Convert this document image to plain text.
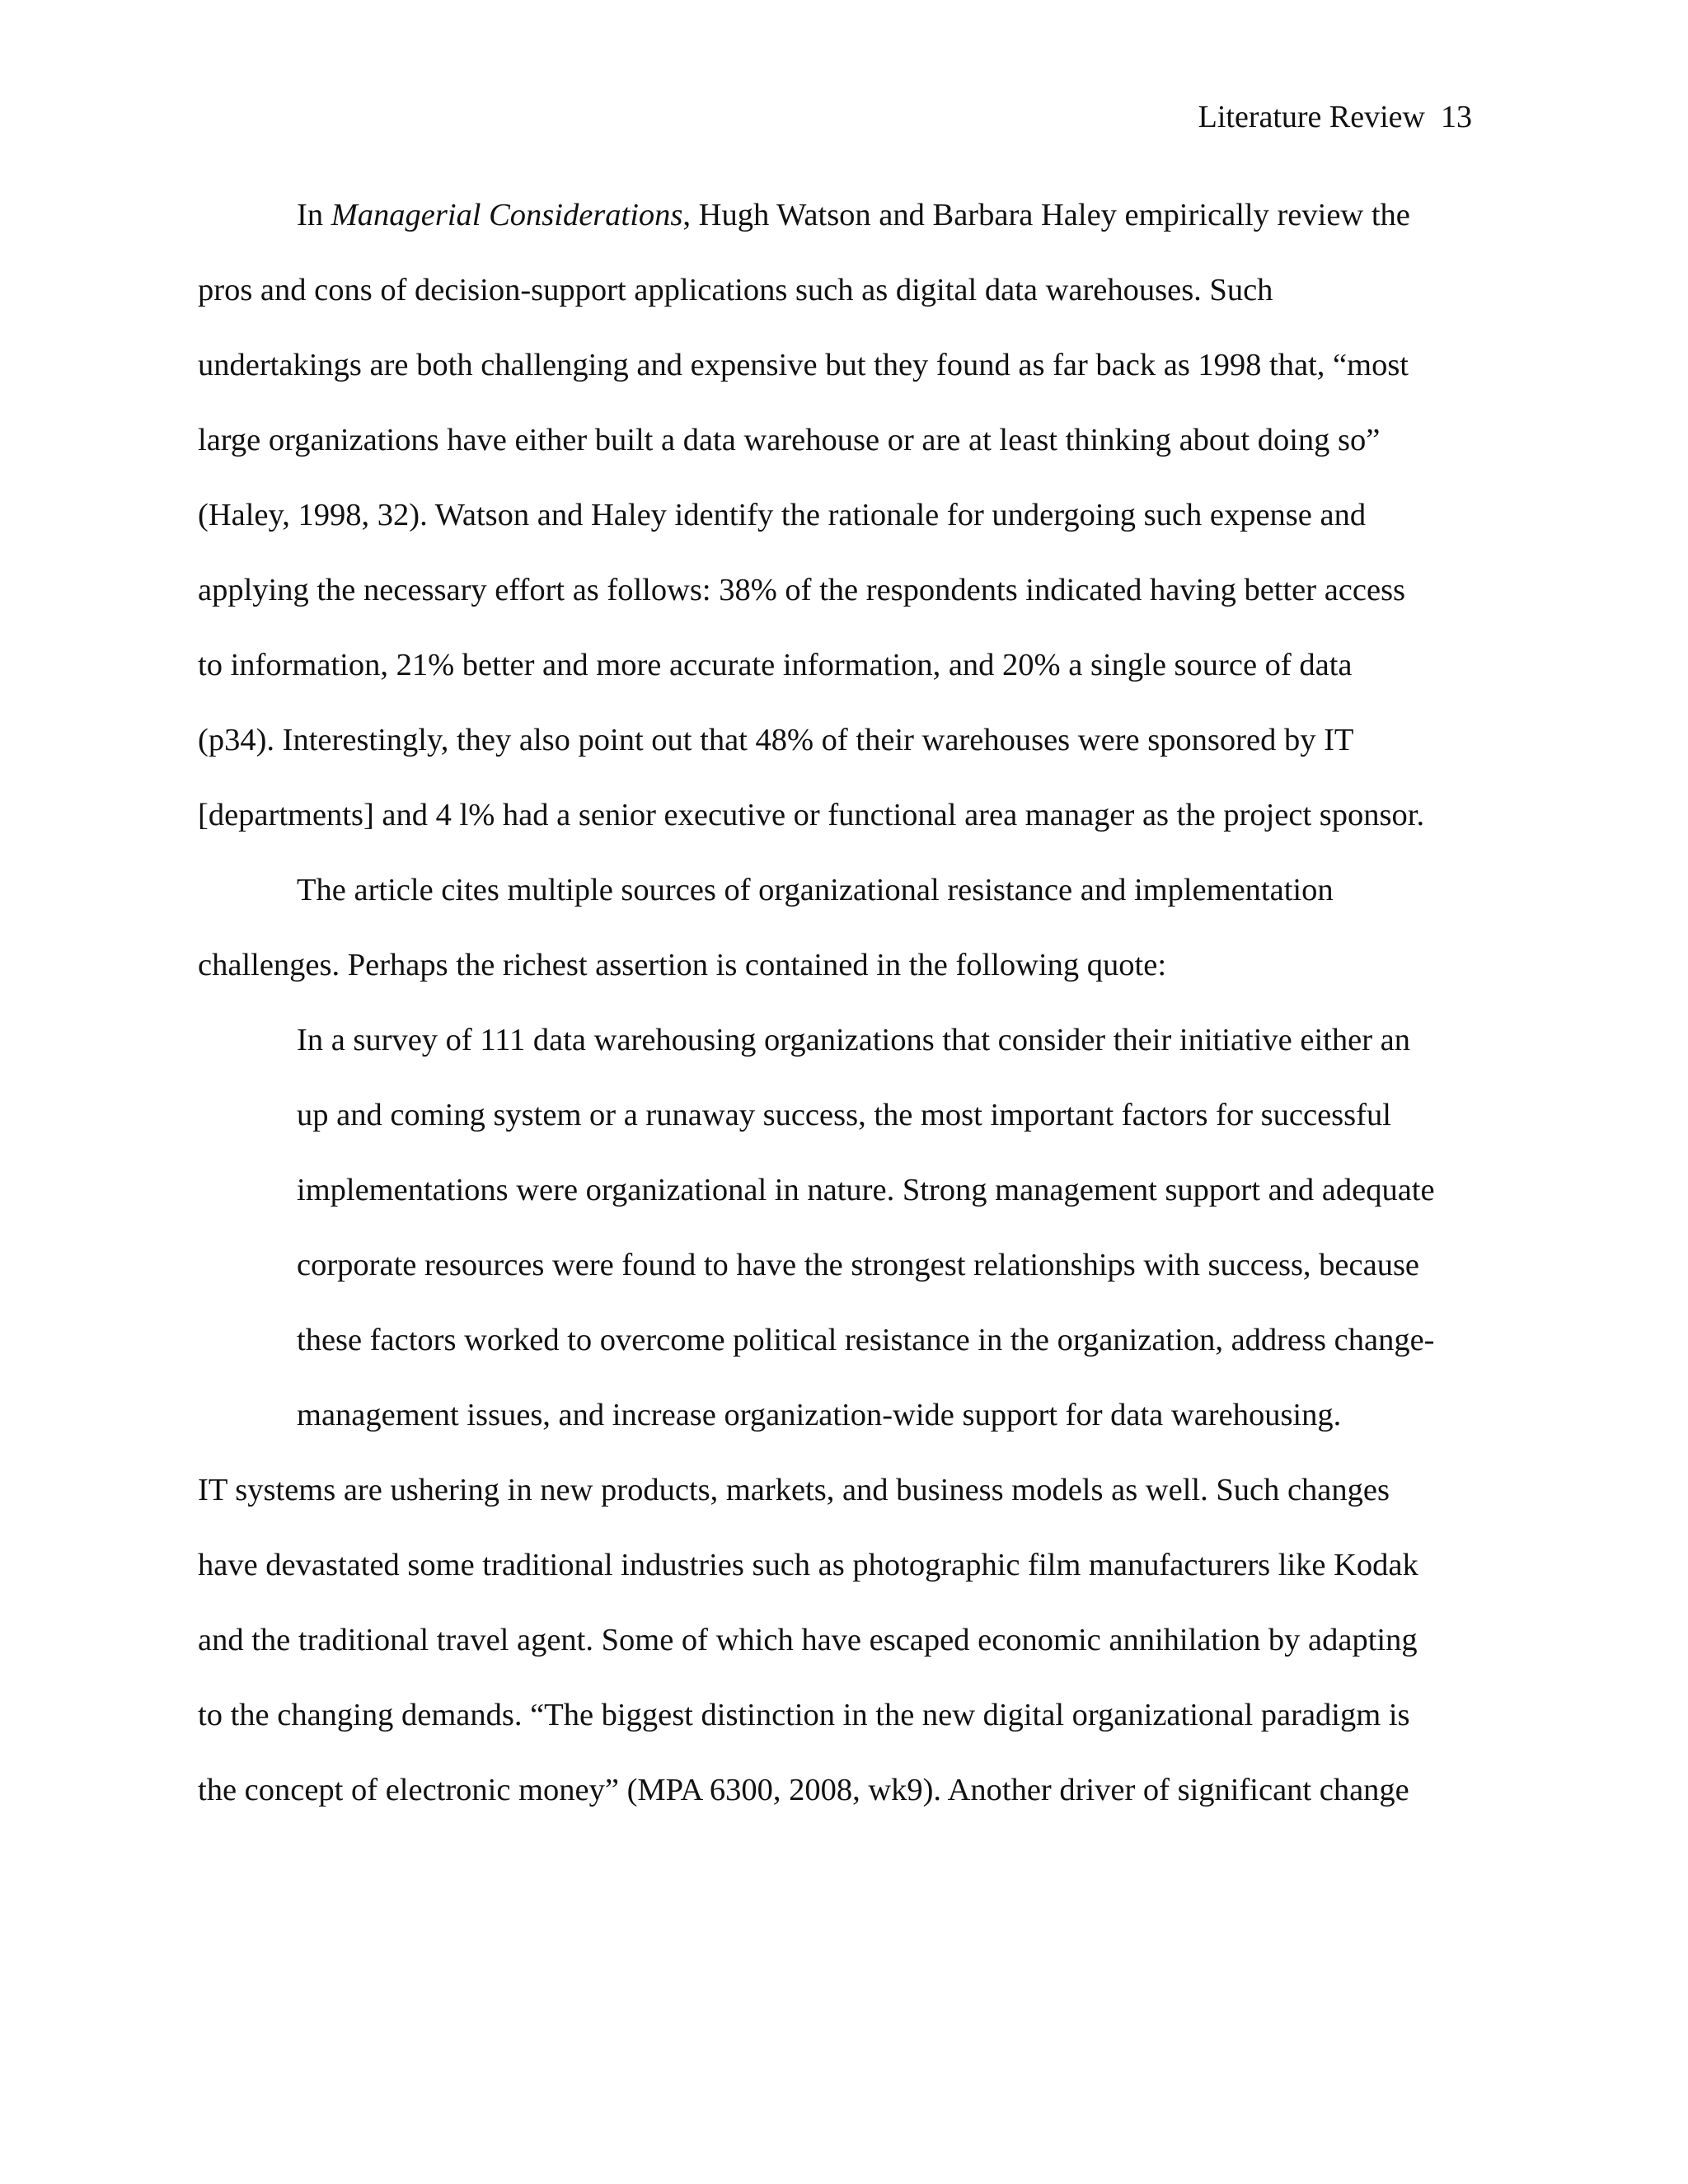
Literature Review 13
In Managerial Considerations, Hugh Watson and Barbara Haley empirically review the
pros and cons of decision-support applications such as digital data warehouses. Such
undertakings are both challenging and expensive but they found as far back as 1998 that, “most
large organizations have either built a data warehouse or are at least thinking about doing so”
(Haley, 1998, 32). Watson and Haley identify the rationale for undergoing such expense and
applying the necessary effort as follows: 38% of the respondents indicated having better access
to information, 21% better and more accurate information, and 20% a single source of data
(p34). Interestingly, they also point out that 48% of their warehouses were sponsored by IT
[departments] and 4 l% had a senior executive or functional area manager as the project sponsor.
The article cites multiple sources of organizational resistance and implementation
challenges. Perhaps the richest assertion is contained in the following quote:
In a survey of 111 data warehousing organizations that consider their initiative either an
up and coming system or a runaway success, the most important factors for successful
implementations were organizational in nature. Strong management support and adequate
corporate resources were found to have the strongest relationships with success, because
these factors worked to overcome political resistance in the organization, address change-
management issues, and increase organization-wide support for data warehousing.
IT systems are ushering in new products, markets, and business models as well. Such changes
have devastated some traditional industries such as photographic film manufacturers like Kodak
and the traditional travel agent. Some of which have escaped economic annihilation by adapting
to the changing demands. “The biggest distinction in the new digital organizational paradigm is
the concept of electronic money” (MPA 6300, 2008, wk9). Another driver of significant change
